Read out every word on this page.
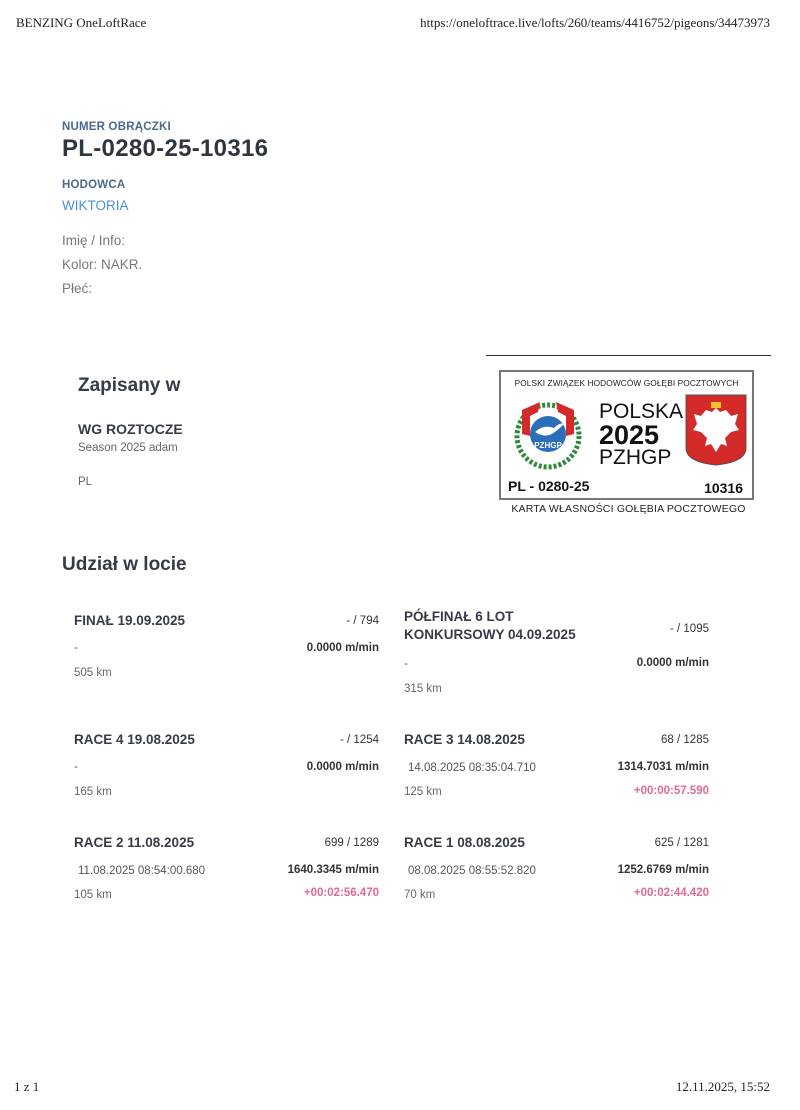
BENZING OneLoftRace	https://oneloftrace.live/lofts/260/teams/4416752/pigeons/34473973
NUMER OBRĄCZKI
PL-0280-25-10316
HODOWCA
WIKTORIA
Imię / Info:
Kolor: NAKR.
Płeć:
Zapisany w
WG ROZTOCZE
Season 2025 adam
PL
POLSKI ZWIĄZEK HODOWCÓW GOŁĘBI POCZTOWYCH
PZHGP
POLSKA
2025
PZHGP
PL - 0280-25	10316
KARTA WŁASNOŚCI GOŁĘBIA POCZTOWEGO
Udział w locie
FINAŁ 19.09.2025	- / 794
-	0.0000 m/min
505 km
PÓŁFINAŁ 6 LOT KONKURSOWY 04.09.2025	- / 1095
-	0.0000 m/min
315 km
RACE 4 19.08.2025	- / 1254
-	0.0000 m/min
165 km
RACE 3 14.08.2025	68 / 1285
14.08.2025 08:35:04.710	1314.7031 m/min
125 km	+00:00:57.590
RACE 2 11.08.2025	699 / 1289
11.08.2025 08:54:00.680	1640.3345 m/min
105 km	+00:02:56.470
RACE 1 08.08.2025	625 / 1281
08.08.2025 08:55:52.820	1252.6769 m/min
70 km	+00:02:44.420
1 z 1	12.11.2025, 15:52
